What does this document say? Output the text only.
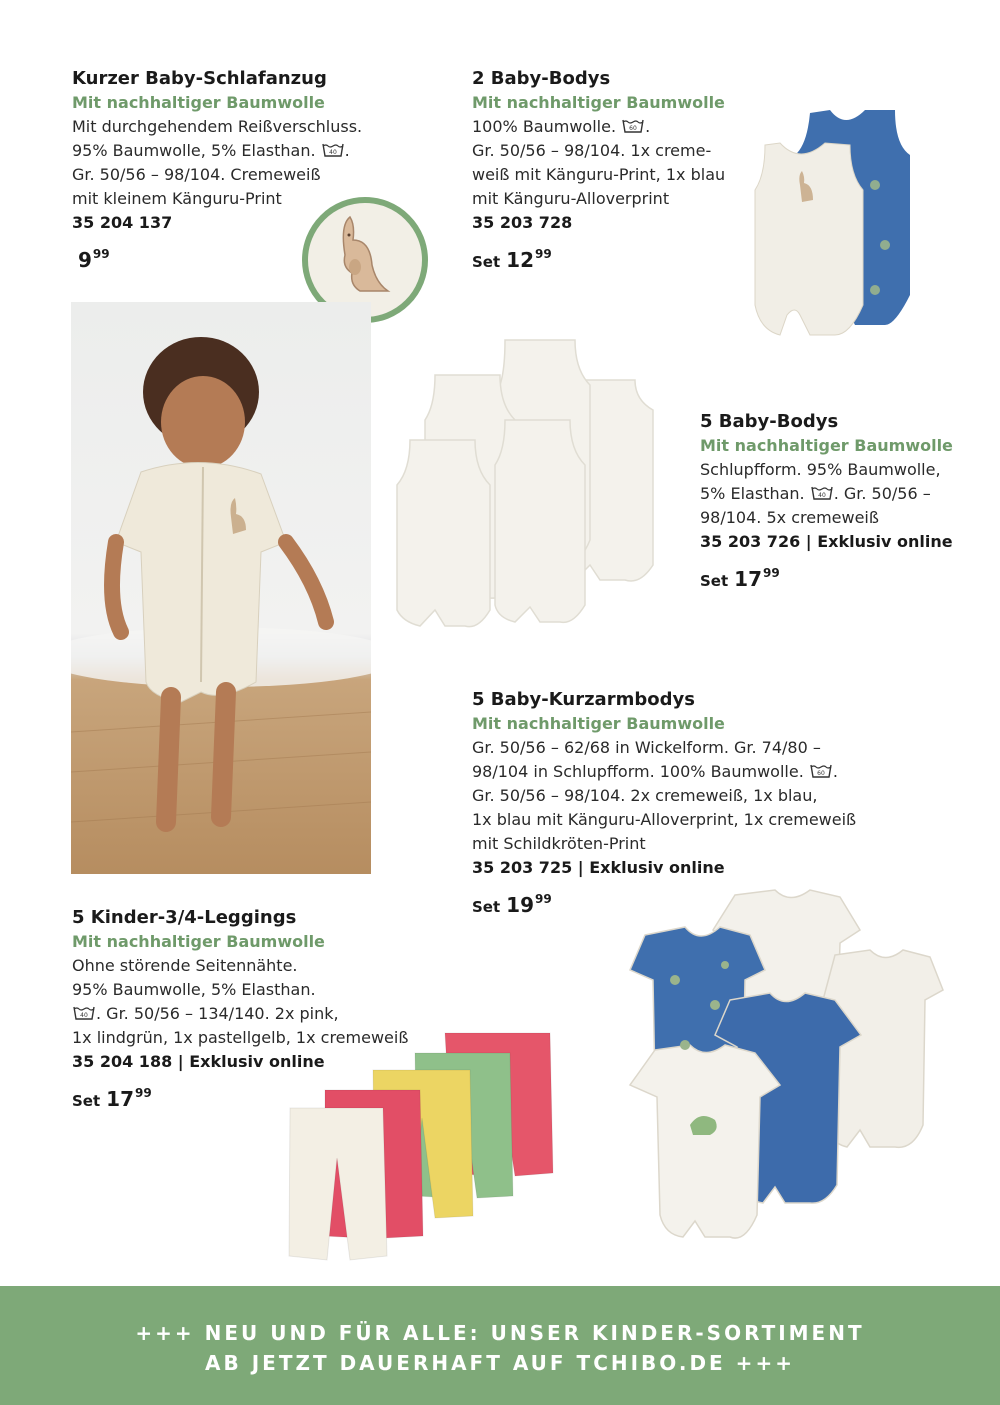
Kurzer Baby-Schlafanzug
Mit nachhaltiger Baumwolle
Mit durchgehendem Reißverschluss.
95% Baumwolle, 5% Elasthan. 40 .
Gr. 50/56 – 98/104. Cremeweiß
mit kleinem Känguru-Print
35 204 137
$9^{99}$
2 Baby-Bodys
Mit nachhaltiger Baumwolle
100% Baumwolle. 60 .
Gr. 50/56 – 98/104. 1x creme-
weiß mit Känguru-Print, 1x blau
mit Känguru-Alloverprint
35 203 728
Set $12^{99}$
5 Baby-Bodys
Mit nachhaltiger Baumwolle
Schlupfform. 95% Baumwolle,
5% Elasthan. 40 . Gr. 50/56 –
98/104. 5x cremeweiß
35 203 726 | Exklusiv online
Set $17^{99}$
5 Baby-Kurzarmbodys
Mit nachhaltiger Baumwolle
Gr. 50/56 – 62/68 in Wickelform. Gr. 74/80 –
98/104 in Schlupfform. 100% Baumwolle. 60 .
Gr. 50/56 – 98/104. 2x cremeweiß, 1x blau,
1x blau mit Känguru-Alloverprint, 1x cremeweiß
mit Schildkröten-Print
35 203 725 | Exklusiv online
Set $19^{99}$
5 Kinder-3/4-Leggings
Mit nachhaltiger Baumwolle
Ohne störende Seitennähte.
95% Baumwolle, 5% Elasthan.

40 . Gr. 50/56 – 134/140. 2x pink,
1x lindgrün, 1x pastellgelb, 1x cremeweiß
35 204 188 | Exklusiv online
Set $17^{99}$
+++ NEU UND FÜR ALLE: UNSER KINDER-SORTIMENT
AB JETZT DAUERHAFT AUF TCHIBO.DE +++
